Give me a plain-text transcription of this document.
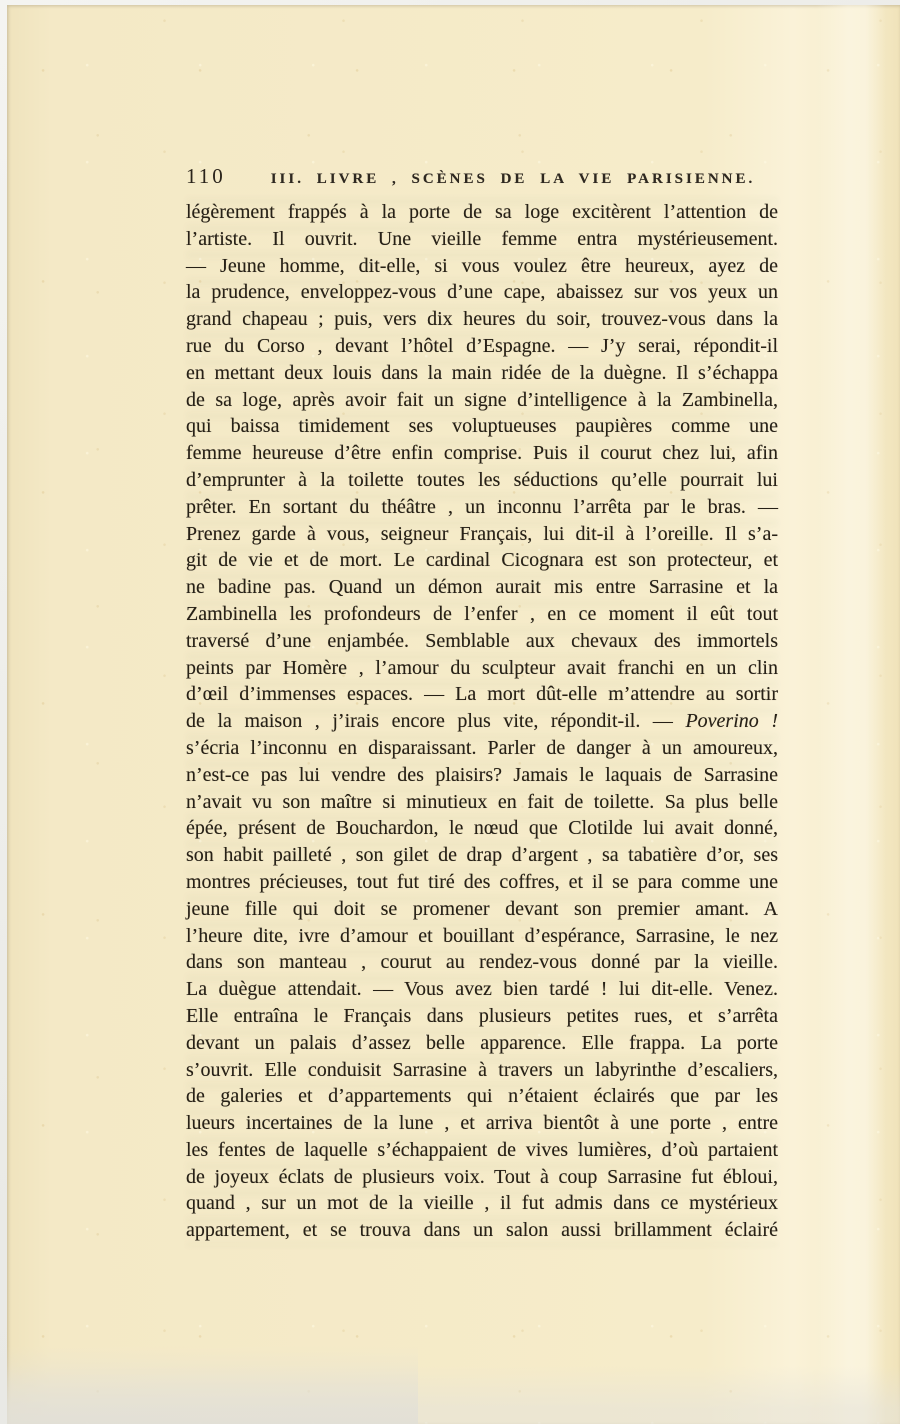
110	III. LIVRE , SCÈNES DE LA VIE PARISIENNE.
légèrement frappés à la porte de sa loge excitèrent l’attention de
l’artiste. Il ouvrit. Une vieille femme entra mystérieusement.
— Jeune homme, dit-elle, si vous voulez être heureux, ayez de
la prudence, enveloppez-vous d’une cape, abaissez sur vos yeux un
grand chapeau ; puis, vers dix heures du soir, trouvez-vous dans la
rue du Corso , devant l’hôtel d’Espagne. — J’y serai, répondit-il
en mettant deux louis dans la main ridée de la duègne. Il s’échappa
de sa loge, après avoir fait un signe d’intelligence à la Zambinella,
qui baissa timidement ses voluptueuses paupières comme une
femme heureuse d’être enfin comprise. Puis il courut chez lui, afin
d’emprunter à la toilette toutes les séductions qu’elle pourrait lui
prêter. En sortant du théâtre , un inconnu l’arrêta par le bras. —
Prenez garde à vous, seigneur Français, lui dit-il à l’oreille. Il s’a-
git de vie et de mort. Le cardinal Cicognara est son protecteur, et
ne badine pas. Quand un démon aurait mis entre Sarrasine et la
Zambinella les profondeurs de l’enfer , en ce moment il eût tout
traversé d’une enjambée. Semblable aux chevaux des immortels
peints par Homère , l’amour du sculpteur avait franchi en un clin
d’œil d’immenses espaces. — La mort dût-elle m’attendre au sortir
de la maison , j’irais encore plus vite, répondit-il. — Poverino !
s’écria l’inconnu en disparaissant. Parler de danger à un amoureux,
n’est-ce pas lui vendre des plaisirs? Jamais le laquais de Sarrasine
n’avait vu son maître si minutieux en fait de toilette. Sa plus belle
épée, présent de Bouchardon, le nœud que Clotilde lui avait donné,
son habit pailleté , son gilet de drap d’argent , sa tabatière d’or, ses
montres précieuses, tout fut tiré des coffres, et il se para comme une
jeune fille qui doit se promener devant son premier amant. A
l’heure dite, ivre d’amour et bouillant d’espérance, Sarrasine, le nez
dans son manteau , courut au rendez-vous donné par la vieille.
La duègue attendait. — Vous avez bien tardé ! lui dit-elle. Venez.
Elle entraîna le Français dans plusieurs petites rues, et s’arrêta
devant un palais d’assez belle apparence. Elle frappa. La porte
s’ouvrit. Elle conduisit Sarrasine à travers un labyrinthe d’escaliers,
de galeries et d’appartements qui n’étaient éclairés que par les
lueurs incertaines de la lune , et arriva bientôt à une porte , entre
les fentes de laquelle s’échappaient de vives lumières, d’où partaient
de joyeux éclats de plusieurs voix. Tout à coup Sarrasine fut ébloui,
quand , sur un mot de la vieille , il fut admis dans ce mystérieux
appartement, et se trouva dans un salon aussi brillamment éclairé
